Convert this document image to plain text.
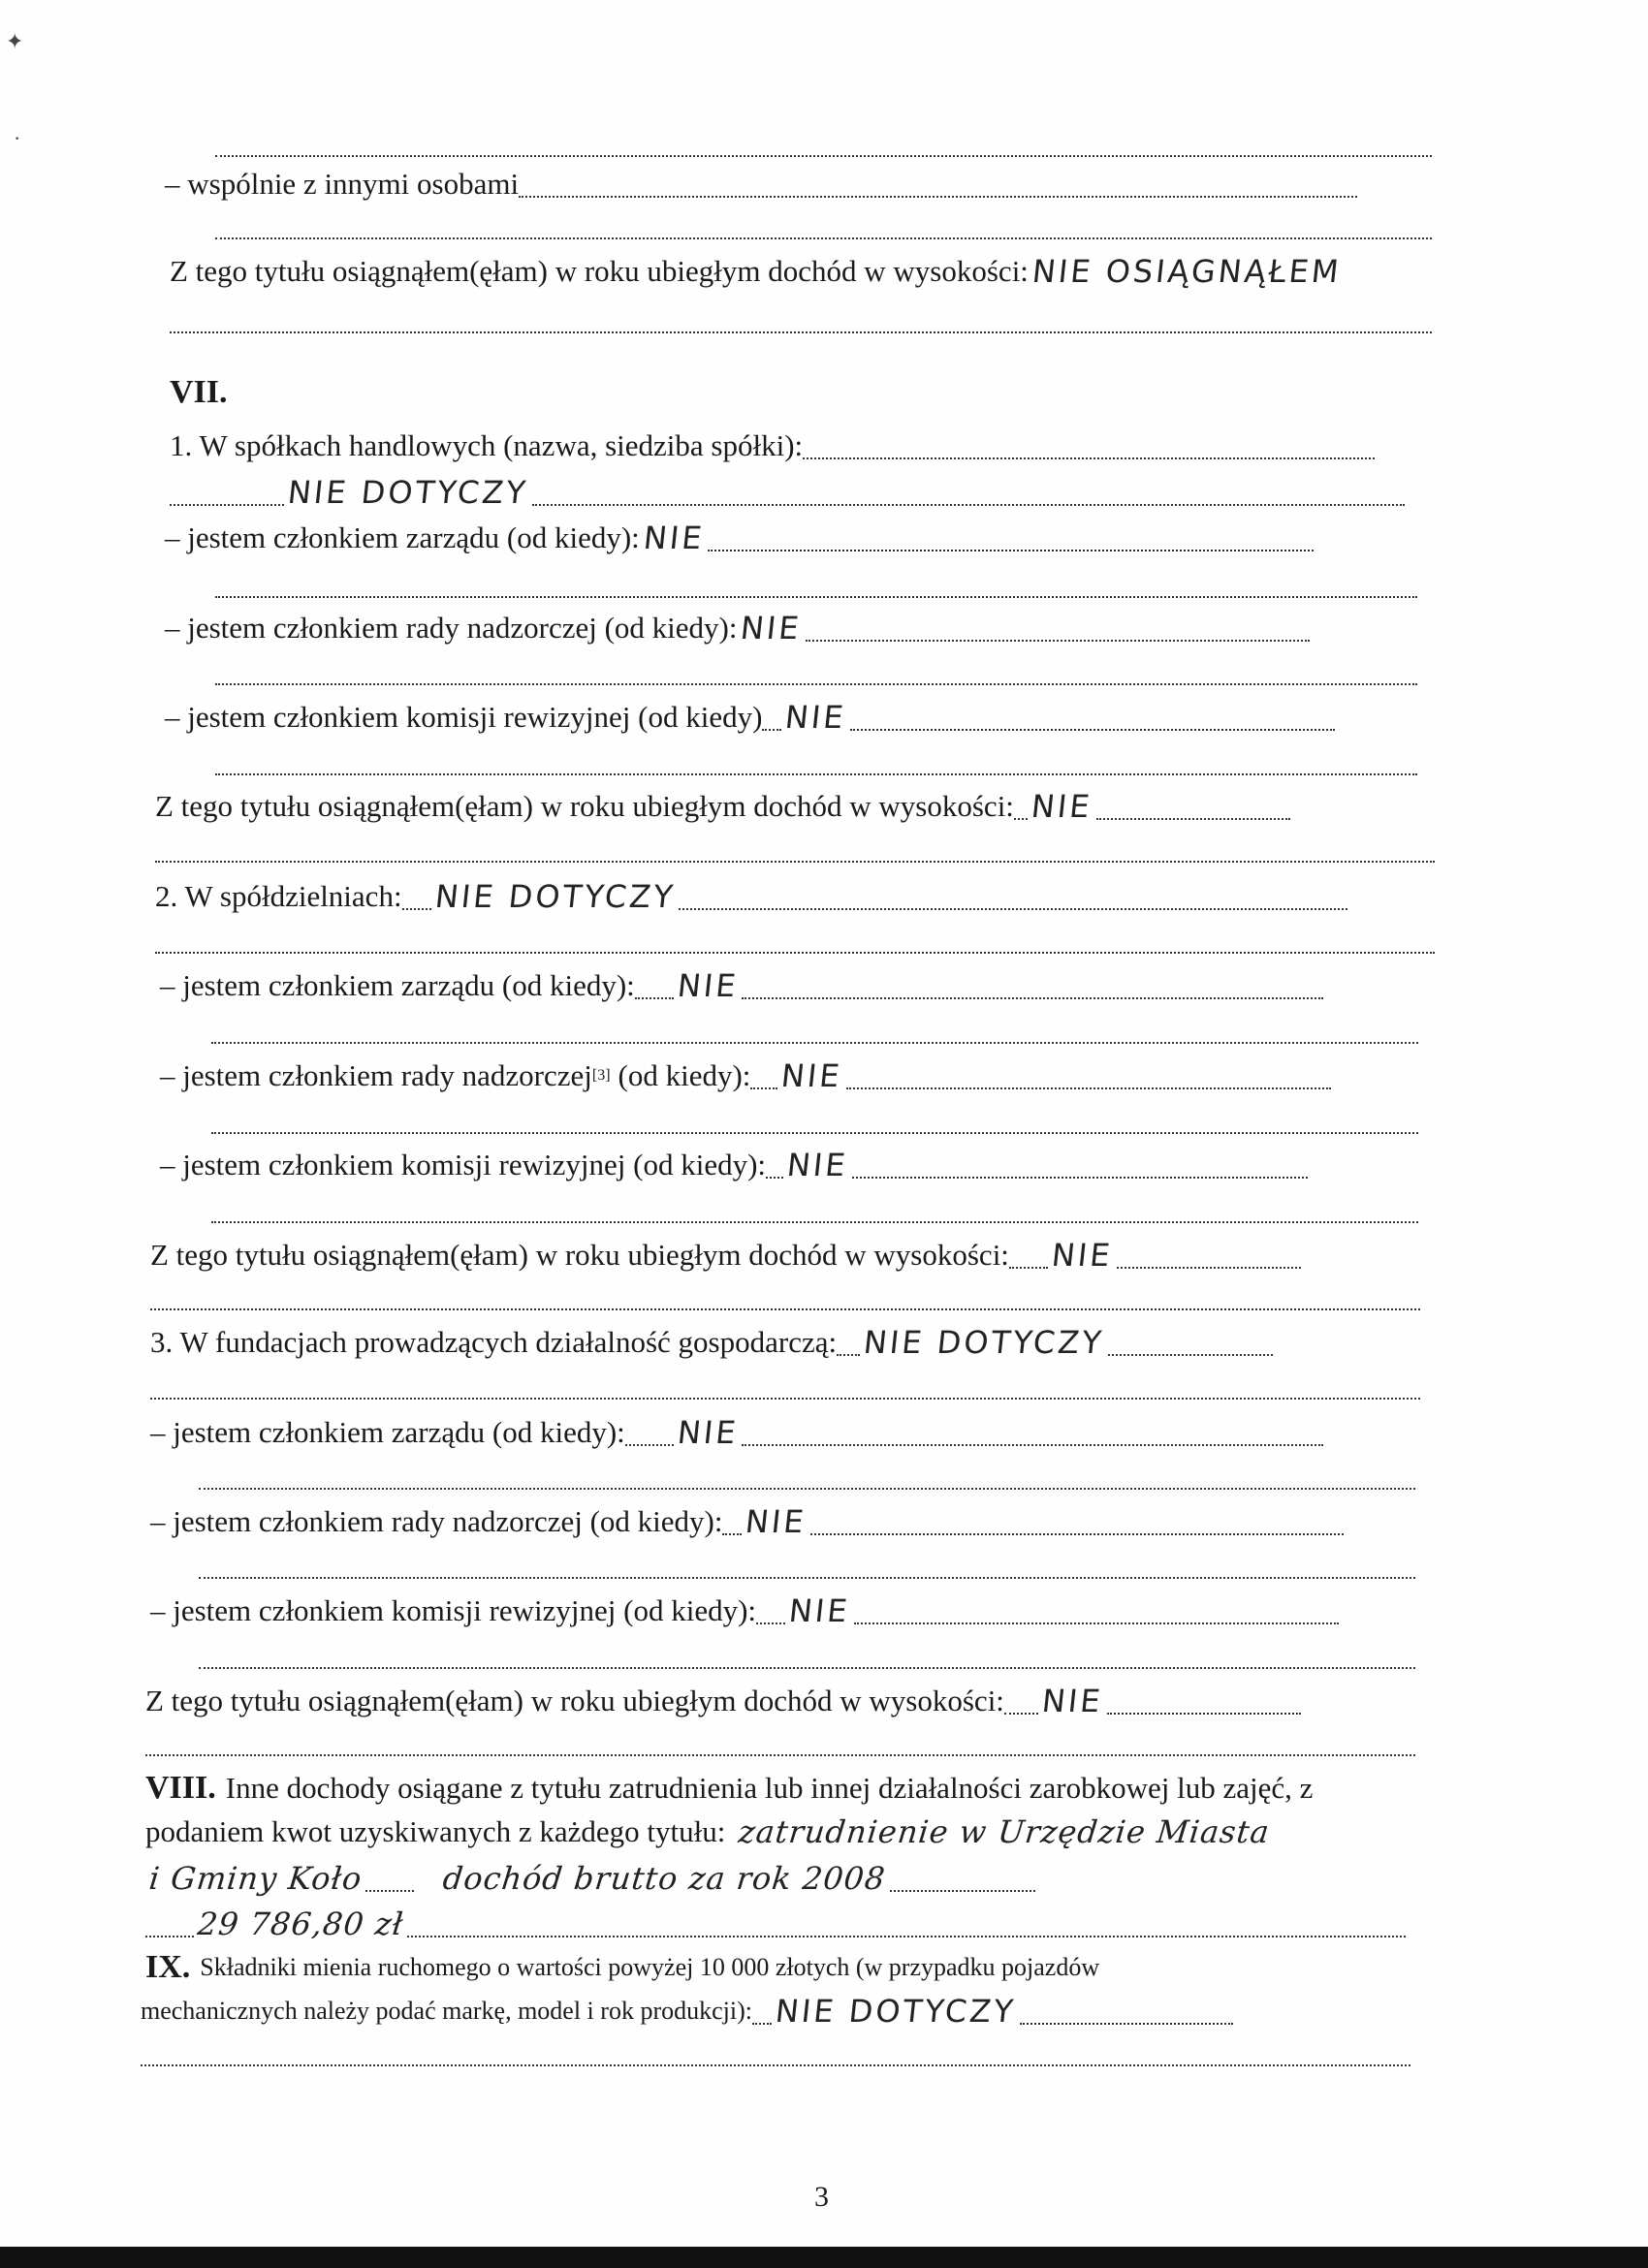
✦
·
– wspólnie z innymi osobami
Z tego tytułu osiągnąłem(ęłam) w roku ubiegłym dochód w wysokości: NIE OSIĄGNĄŁEM
VII.
1. W spółkach handlowych (nazwa, siedziba spółki):
NIE DOTYCZY
– jestem członkiem zarządu (od kiedy): NIE
– jestem członkiem rady nadzorczej (od kiedy): NIE
– jestem członkiem komisji rewizyjnej (od kiedy) NIE
Z tego tytułu osiągnąłem(ęłam) w roku ubiegłym dochód w wysokości: NIE
2. W spółdzielniach: NIE DOTYCZY
– jestem członkiem zarządu (od kiedy): NIE
– jestem członkiem rady nadzorczej [3] (od kiedy): NIE
– jestem członkiem komisji rewizyjnej (od kiedy): NIE
Z tego tytułu osiągnąłem(ęłam) w roku ubiegłym dochód w wysokości: NIE
3. W fundacjach prowadzących działalność gospodarczą: NIE DOTYCZY
– jestem członkiem zarządu (od kiedy): NIE
– jestem członkiem rady nadzorczej (od kiedy): NIE
– jestem członkiem komisji rewizyjnej (od kiedy): NIE
Z tego tytułu osiągnąłem(ęłam) w roku ubiegłym dochód w wysokości: NIE
VIII. Inne dochody osiągane z tytułu zatrudnienia lub innej działalności zarobkowej lub zajęć, z
podaniem kwot uzyskiwanych z każdego tytułu: zatrudnienie w Urzędzie Miasta
i Gminy Koło	dochód brutto za rok 2008
29 786,80 zł
IX. Składniki mienia ruchomego o wartości powyżej 10 000 złotych (w przypadku pojazdów
mechanicznych należy podać markę, model i rok produkcji): NIE DOTYCZY
3
